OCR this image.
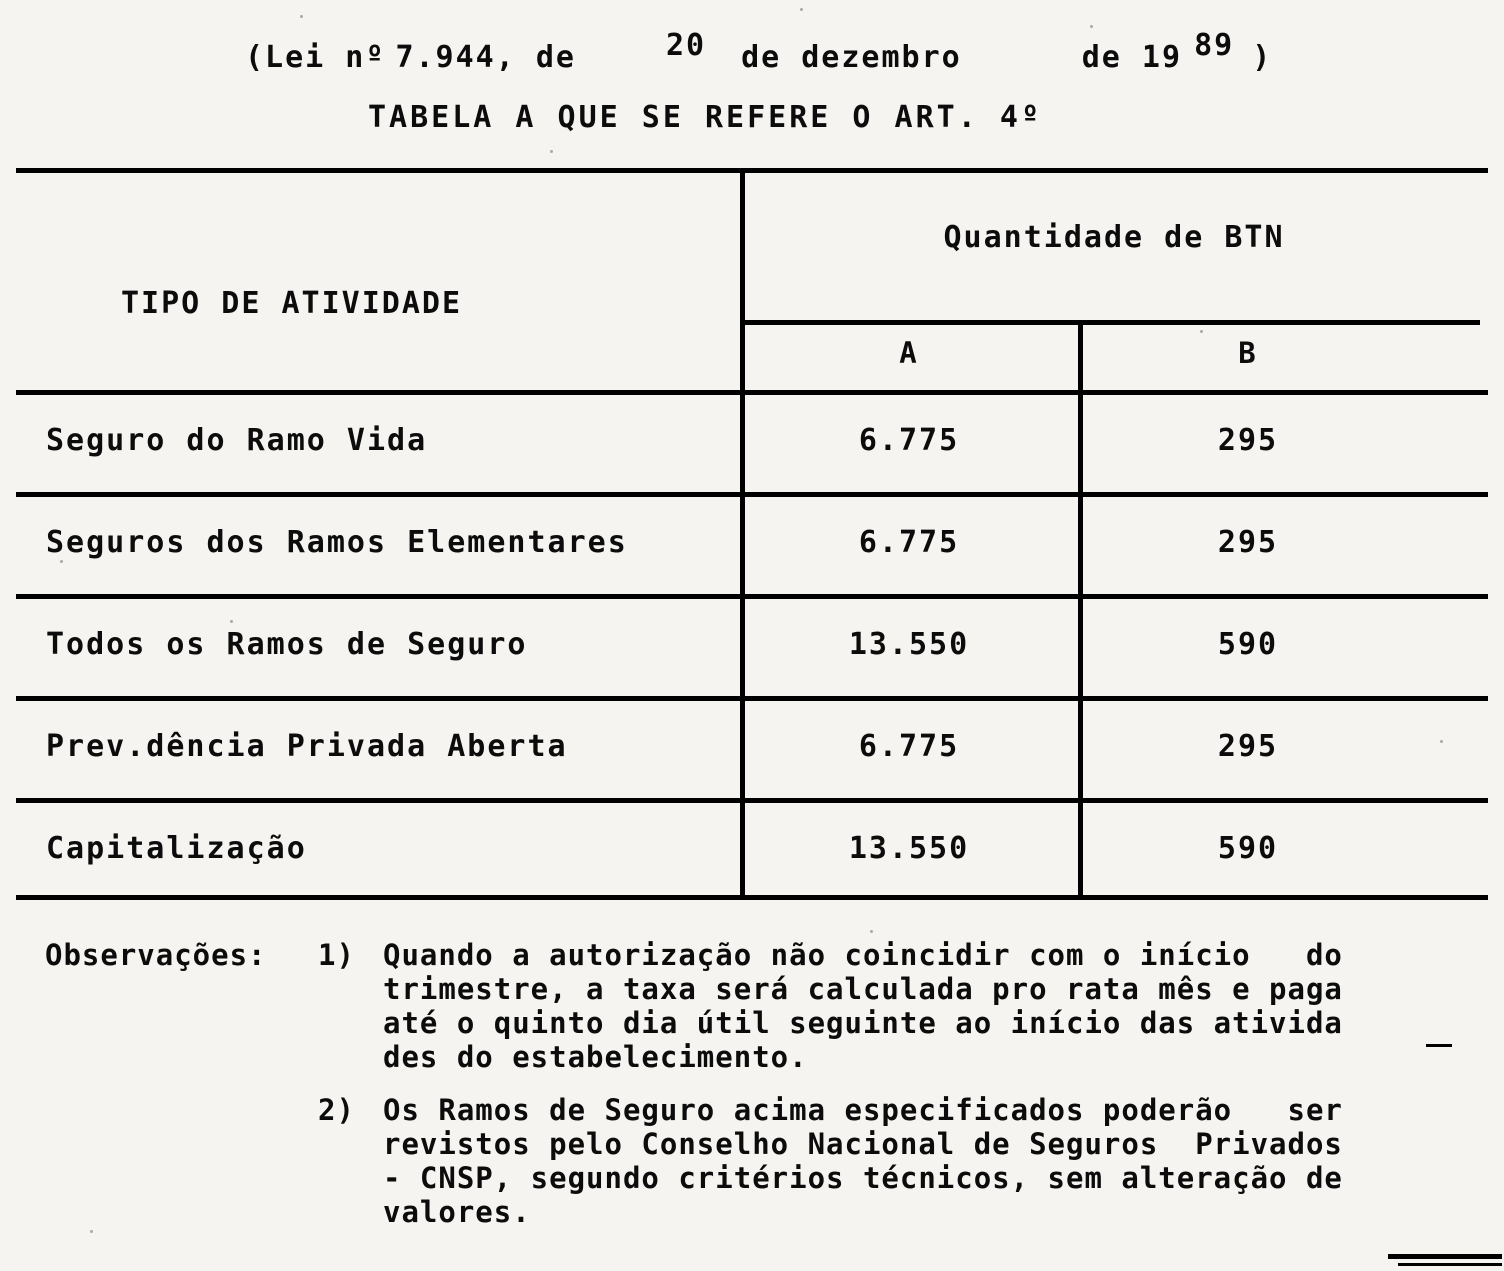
(Lei nº 7.944, de	20 de dezembro	de 19 89 )
TABELA A QUE SE REFERE O ART. 4º
TIPO DE ATIVIDADE
Quantidade de BTN
A	B
Seguro do Ramo Vida	6.775	295
Seguros dos Ramos Elementares	6.775	295
Todos os Ramos de Seguro	13.550	590
Prev.dência Privada Aberta	6.775	295
Capitalização	13.550	590
Observações: 1) Quando a autorização não coincidir com o início   do
trimestre, a taxa será calculada pro rata mês e paga
até o quinto dia útil seguinte ao início das ativida
des do estabelecimento.
2) Os Ramos de Seguro acima especificados poderão   ser
revistos pelo Conselho Nacional de Seguros  Privados
- CNSP, segundo critérios técnicos, sem alteração de
valores.
